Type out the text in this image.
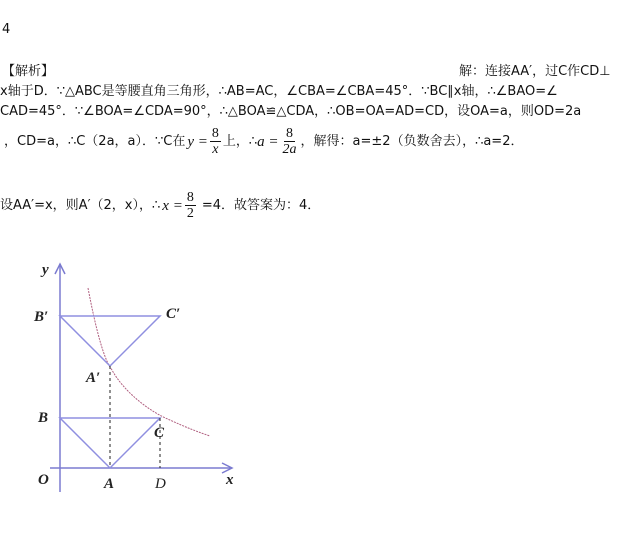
4
【解析】	解：连接AA′，过C作CD⊥
x轴于D．∵△ABC是等腰直角三角形，∴AB=AC，∠CBA=∠CBA=45°．∵BC∥x轴，∴∠BAO=∠
CAD=45°．∵∠BOA=∠CDA=90°，∴△BOA≌△CDA，∴OB=OA=AD=CD，设OA=a，则OD=2a
，CD=a，∴C（2a，a）．∵C在 $y = \frac{8}{x}$ 上，∴ $a = \frac{8}{2a}$ ，解得：a=±2（负数舍去），∴a=2．
设AA′=x，则A′（2，x），∴ $x = \frac{8}{2} =4$．故答案为：4．
y
x
O	A
B
C
D
A′
B′	C′
